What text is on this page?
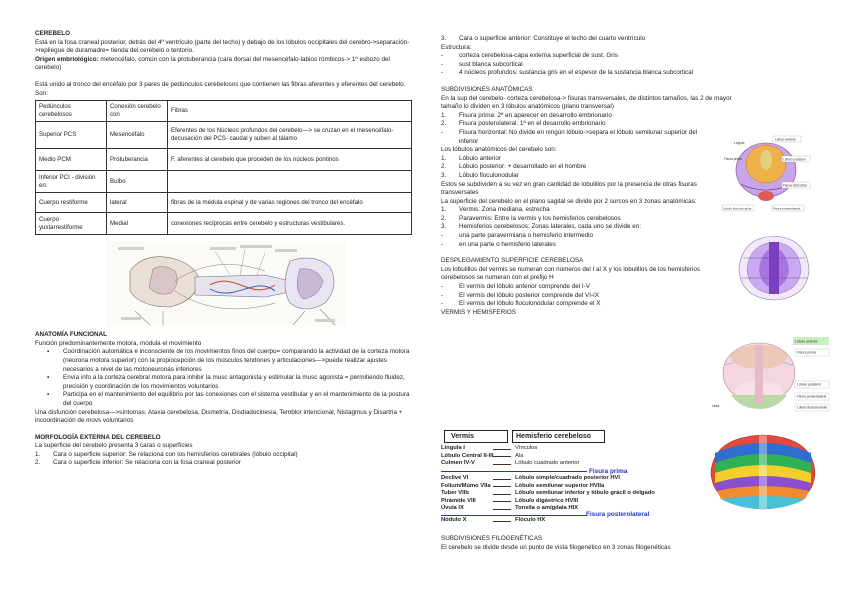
CEREBELO

Está en la fosa craneal posterior, detrás del 4º ventrículo (parte del techo) y debajo de los lóbulos occipitales del cerebro->separación->repliegue de duramadre= tienda del cerebelo o tentorio.

Origen embriológico: metencéfalo, común con la protuberancia (cara dorsal del mesencéfalo-labios rómbicos-> 1º esbozo del cerebelo)

Está unido al tronco del encéfalo por 3 pares de pedúnculos cerebelosos que contienen las fibras aferentes y eferentes del cerebelo. Son:

Pedúnculos cerebelosos	Conexión cerebelo con	Fibras
Superior PCS	Mesencéfalo	Eferentes de los Núcleos profundos del cerebelo—> se cruzan en el mesencéfalo- decusación del PCS- caudal y suben al tálamo
Medio PCM	Protuberancia	F. aferentes al cerebelo que proceden de los núcleos pontinos
Inferior PCI - división en:	Bulbo	
Cuerpo restiforme	lateral	fibras de la médula espinal y de varias regiones del tronco del encéfalo
Cuerpo yuxtarrestiforme	Medial	conexiones recíprocas entre cerebelo y estructuras vestibulares.

ANATOMÍA FUNCIONAL

Función predominantemente motora, modula el movimiento

▪	Coordinación automática e inconsciente de los movimientos finos del cuerpo= comparando la actividad de la corteza motora (neurona motora superior) con la propiocepción de los músculos tendones y articulaciones—>puede realizar ajustes necesarios a nivel de las motoneuronas inferiores
▪	Envía info a la corteza cerebral motora para inhibir la musc antagonista y estimular la musc agonista = permitiendo fluidez, precisión y coordinación de los movimientos voluntarios
▪	Participa en el mantenimiento del equilibrio por las conexiones con el sistema vestibular y en el mantenimiento de la postura del cuerpo

Una disfunción cerebelosa—>síntomas: Ataxia cerebelosa, Dismetría, Disdiadocinesia, Temblor intencional, Nistagmus y Disartria + incoordinación de movs voluntarios

MORFOLOGÍA EXTERNA DEL CEREBELO

La superficie del cerebelo presenta 3 caras o superficies

1.	Cara o superficie superior: Se relaciona con los hemisferios cerebrales (lóbulo occipital)
2.	Cara o superficie inferior: Se relaciona con la fosa craneal posterior
3.	Cara o superficie anterior: Constituye el techo del cuarto ventrículo

Estructura:

-	corteza cerebelosa-capa externa superficial de sust. Gris
-	sust blanca subcortical
-	4 núcleos profundos: sustancia gris en el espesor de la sustancia blanca subcortical

SUBDIVISIONES ANATÓMICAS

En la sup del cerebelo- corteza cerebelosa-> fisuras transversales, de distintos tamaños, las 2 de mayor tamaño lo dividen en 3 lóbulos anatómicos (plano transversal)

1.	Fisura prima: 2ª en aparecer en desarrollo embrionario
2.	Fisura posterolateral: 1ª en el desarrollo embrionario
-	Fisura horizontal: No divide en ningún lóbulo->separa el lóbulo semilunar superior del inferior

Los lóbulos anatómicos del cerebelo son:

1.	Lóbulo anterior
2.	Lóbulo posterior: + desarrollado en el hombre
3.	Lóbulo floculonodular

Estos se subdividen a su vez en gran cantidad de lobulillos por la presencia de otras fisuras transversales

La superficie del cerebelo en el plano sagital se divide por 2 surcos en 3 zonas anatómicas:

1.	Vermis: Zona mediana, estrecha
2.	Paravermis: Entre la vermis y los hemisferios cerebelosos
3.	Hemisferios cerebelosos: Zonas laterales, cada uno se divide en:
-	una parte paravermiana o hemisferio intermedio
-	en una parte o hemisferio laterales

DESPLEGAMIENTO SUPERFICIE CEREBELOSA

Los lobulillos del vermis se numeran con números del I al X y los lobulillos de los hemisferios cerebelosos se numeran con el prefijo H

-	El vermis del lóbulo anterior comprende del I-V
-	El vermis del lóbulo posterior comprende del VI-IX
-	El vermis del lóbulo floculonodular comprende el X

VERMIS Y HEMISFERIOS

Vermis	Hemisferio cerebeloso
Língula I	Vínculos
Lóbulo Central II-III	Ala
Culmen IV-V	Lóbulo cuadrado anterior
Declive VI	Lóbulo simple/cuadrado posterior HVI
Folium/Múmo VIIa	Lóbulo semilunar superior HVIIa
Tuber VIIb	Lóbulo semilunar inferior y lóbulo grácil o delgado
Pirámide VIII	Lóbulo digástrico HVIII
Úvula IX	Tonsila o amígdala HIX
Nódulo X	Flóculo HX
Fisura prima
Fisura posterolateral

SUBDIVISIONES FILOGENÉTICAS

El cerebelo se divide desde un punto de vista filogenético en 3 zonas filogenéticas

Lóbulo anterior
Língula
Fisura prima	Lóbulo posterior
Fisura horizontal
Lóbulo floculonodular	Fisura posterolateral
Lóbulo anterior
Fisura prima
Lóbulo posterior
Fisura posterolateral
Lóbulo floculonodular
clota
